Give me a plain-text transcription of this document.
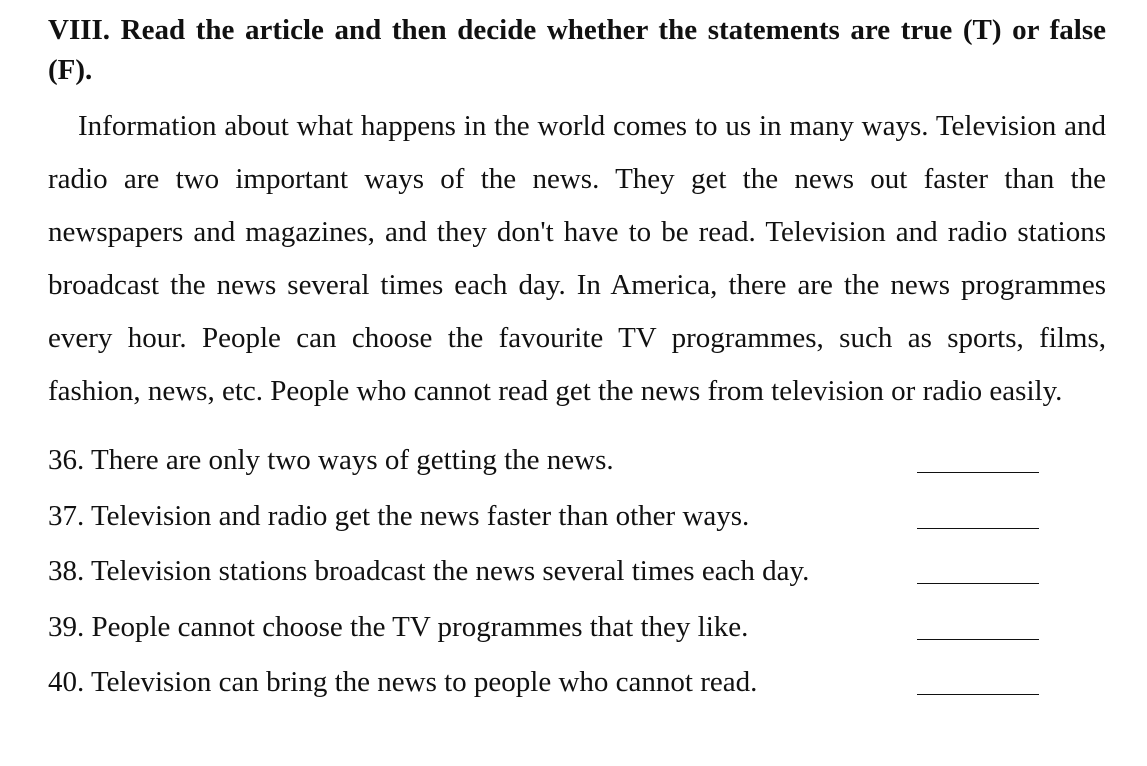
VIII. Read the article and then decide whether the statements are true (T) or false (F).

Information about what happens in the world comes to us in many ways. Television and radio are two important ways of the news. They get the news out faster than the newspapers and magazines, and they don't have to be read. Television and radio stations broadcast the news several times each day. In America, there are the news programmes every hour. People can choose the favourite TV programmes, such as sports, films, fashion, news, etc. People who cannot read get the news from television or radio easily.

36. There are only two ways of getting the news.
37. Television and radio get the news faster than other ways.
38. Television stations broadcast the news several times each day.
39. People cannot choose the TV programmes that they like.
40. Television can bring the news to people who cannot read.
